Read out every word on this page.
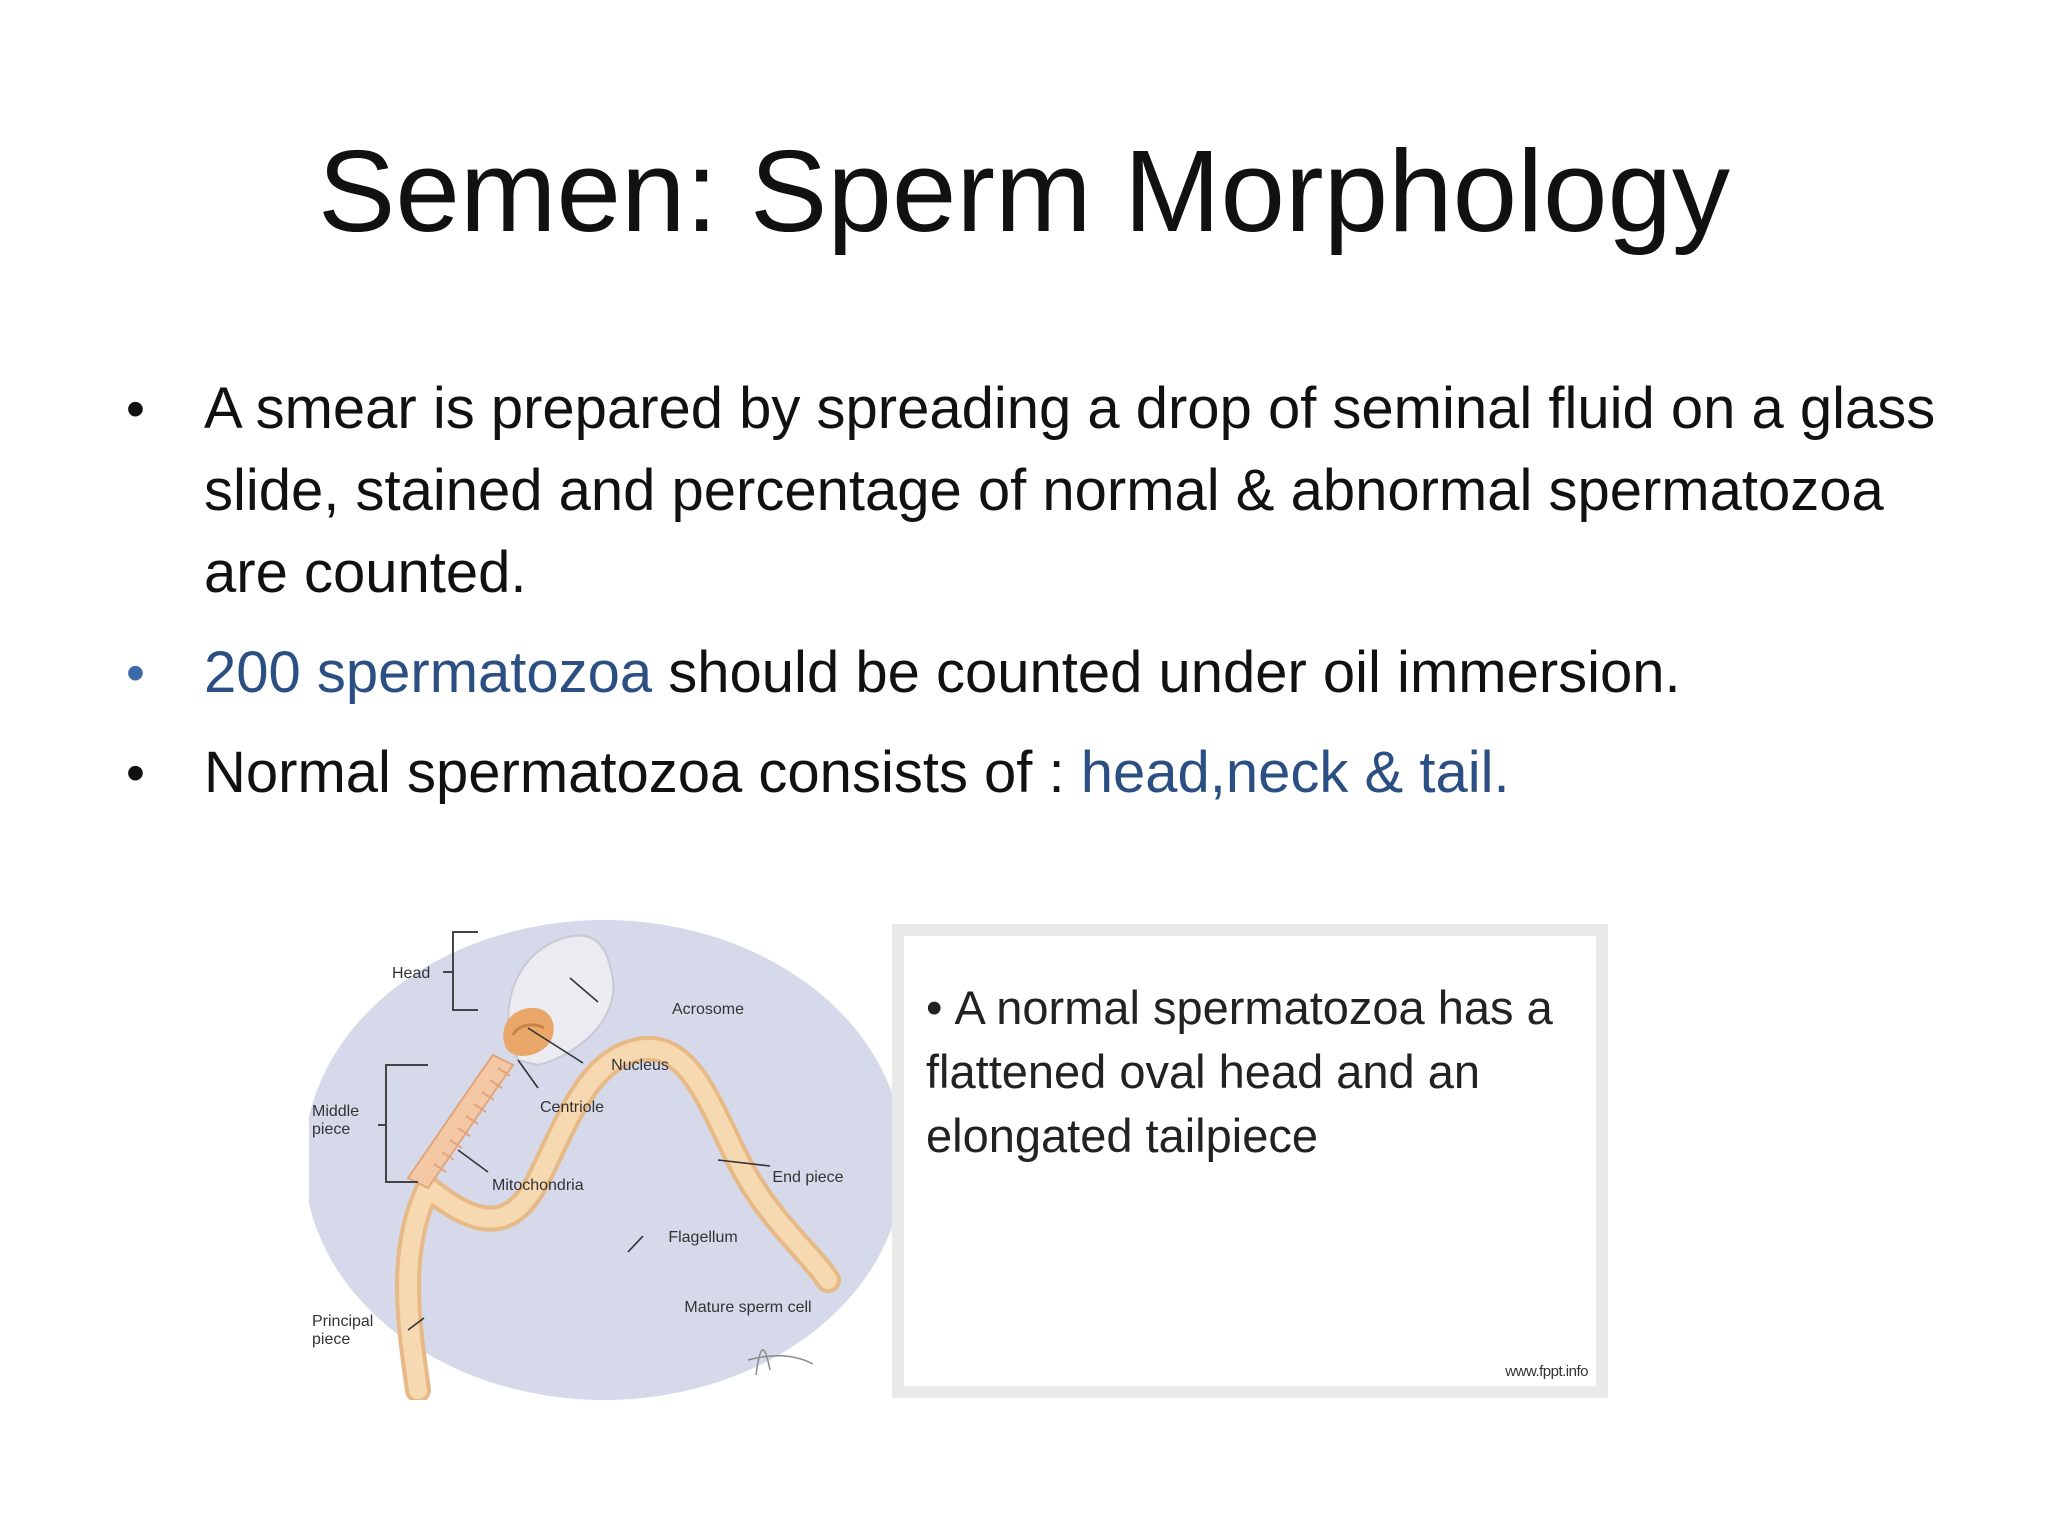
Semen: Sperm Morphology
• A smear is prepared by spreading a drop of seminal fluid on a glass slide, stained and percentage of normal & abnormal spermatozoa are counted.
• 200 spermatozoa should be counted under oil immersion.
• Normal spermatozoa consists of : head,neck & tail.
Head
Acrosome
Nucleus
Middle
piece
Centriole
End piece
Mitochondria
Flagellum
Mature sperm cell
Principal
piece
• A normal spermatozoa has a flattened oval head and an elongated tailpiece
www.fppt.info
